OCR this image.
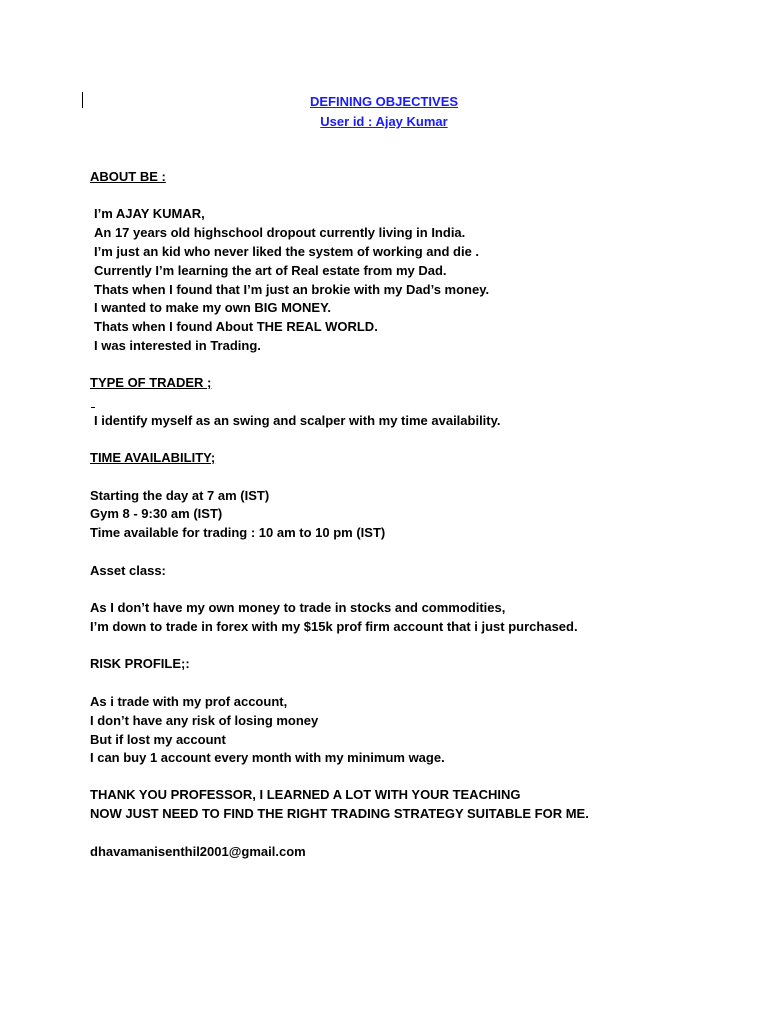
DEFINING OBJECTIVES
User id : Ajay Kumar
ABOUT BE :
I’m AJAY KUMAR,
An 17 years old highschool dropout currently living in India.
I’m just an kid who never liked the system of working and die .
Currently I’m learning the art of Real estate from my Dad.
Thats when I found that I’m just an brokie with my Dad’s money.
I wanted to make my own BIG MONEY.
Thats when I found About THE REAL WORLD.
I was interested in Trading.
TYPE OF TRADER ;
I identify myself as an swing and scalper with my time availability.
TIME AVAILABILITY;
Starting the day at 7 am (IST)
Gym 8 - 9:30 am (IST)
Time available for trading : 10 am to 10 pm (IST)
Asset class:
As I don’t have my own money to trade in stocks and commodities,
I’m down to trade in forex with my $15k prof firm account that i just purchased.
RISK PROFILE;:
As i trade with my prof account,
I don’t have any risk of losing money
But if lost my account
I can buy 1 account every month with my minimum wage.
THANK YOU PROFESSOR, I LEARNED A LOT WITH YOUR TEACHING
NOW JUST NEED TO FIND THE RIGHT TRADING STRATEGY SUITABLE FOR ME.
dhavamanisenthil2001@gmail.com
